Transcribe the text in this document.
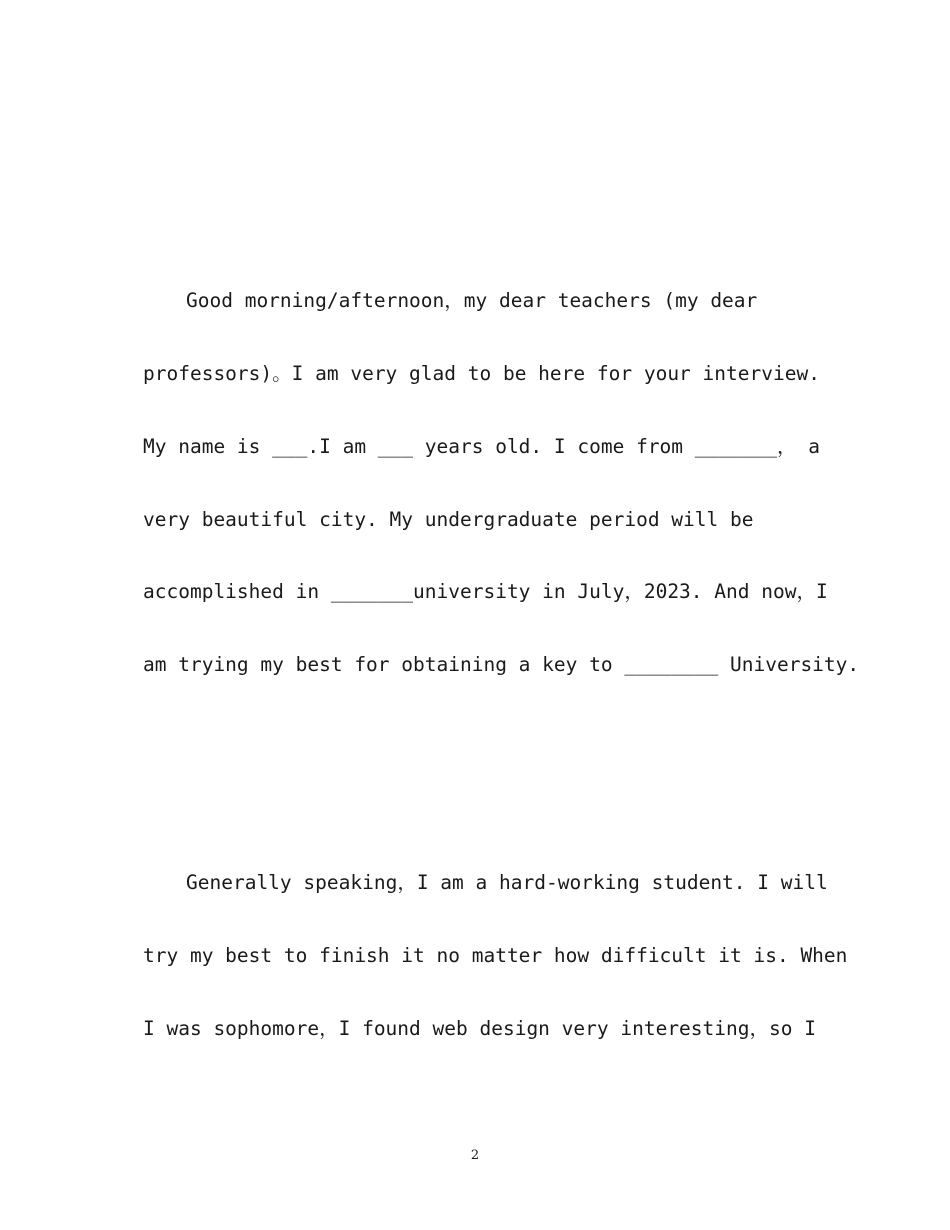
Good morning/afternoon，my dear teachers (my dear
professors)。I am very glad to be here for your interview.
My name is ___.I am ___ years old. I come from _______， a
very beautiful city. My undergraduate period will be
accomplished in _______university in July，2023. And now，I
am trying my best for obtaining a key to ________ University.
Generally speaking，I am a hard-working student. I will
try my best to finish it no matter how difficult it is. When
I was sophomore，I found web design very interesting，so I
2
